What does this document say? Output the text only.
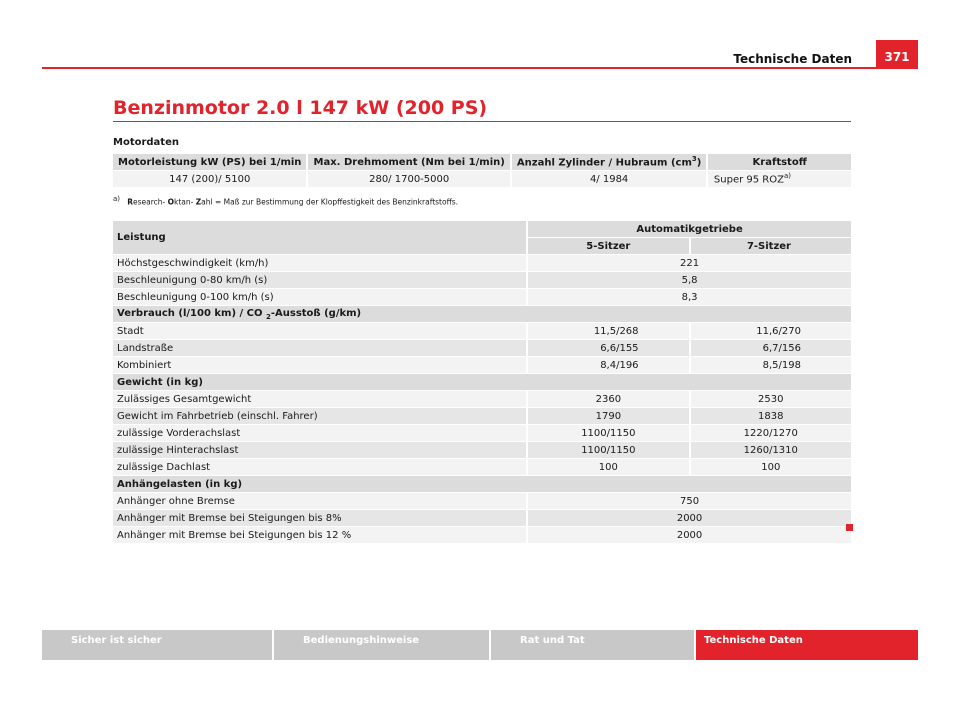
Technische Daten	371
Benzinmotor 2.0 l 147 kW (200 PS)
Motordaten
Motorleistung kW (PS) bei 1/min	Max. Drehmoment (Nm bei 1/min)	Anzahl Zylinder / Hubraum $(cm^3)$	Kraftstoff
147 (200)/ 5100	280/ 1700-5000	4/ 1984	Super 95 ROZ$^{a)}$
$^{a)}$ Research- Oktan- Zahl = Maß zur Bestimmung der Klopffestigkeit des Benzinkraftstoffs.
Leistung	Automatikgetriebe	
	5-Sitzer	7-Sitzer
Höchstgeschwindigkeit (km/h)	221	
Beschleunigung 0-80 km/h (s)	5,8	
Beschleunigung 0-100 km/h (s)	8,3	
Verbrauch (l/100 km) / CO $_2$-Ausstoß (g/km)		
Stadt	11,5/268	11,6/270
Landstraße	6,6/155	6,7/156
Kombiniert	8,4/196	8,5/198
Gewicht (in kg)		
Zulässiges Gesamtgewicht	2360	2530
Gewicht im Fahrbetrieb (einschl. Fahrer)	1790	1838
zulässige Vorderachslast	1100/1150	1220/1270
zulässige Hinterachslast	1100/1150	1260/1310
zulässige Dachlast	100	100
Anhängelasten (in kg)		
Anhänger ohne Bremse	750	
Anhänger mit Bremse bei Steigungen bis 8%	2000	
Anhänger mit Bremse bei Steigungen bis 12 %	2000	
Sicher ist sicher	Bedienungshinweise	Rat und Tat	Technische Daten
